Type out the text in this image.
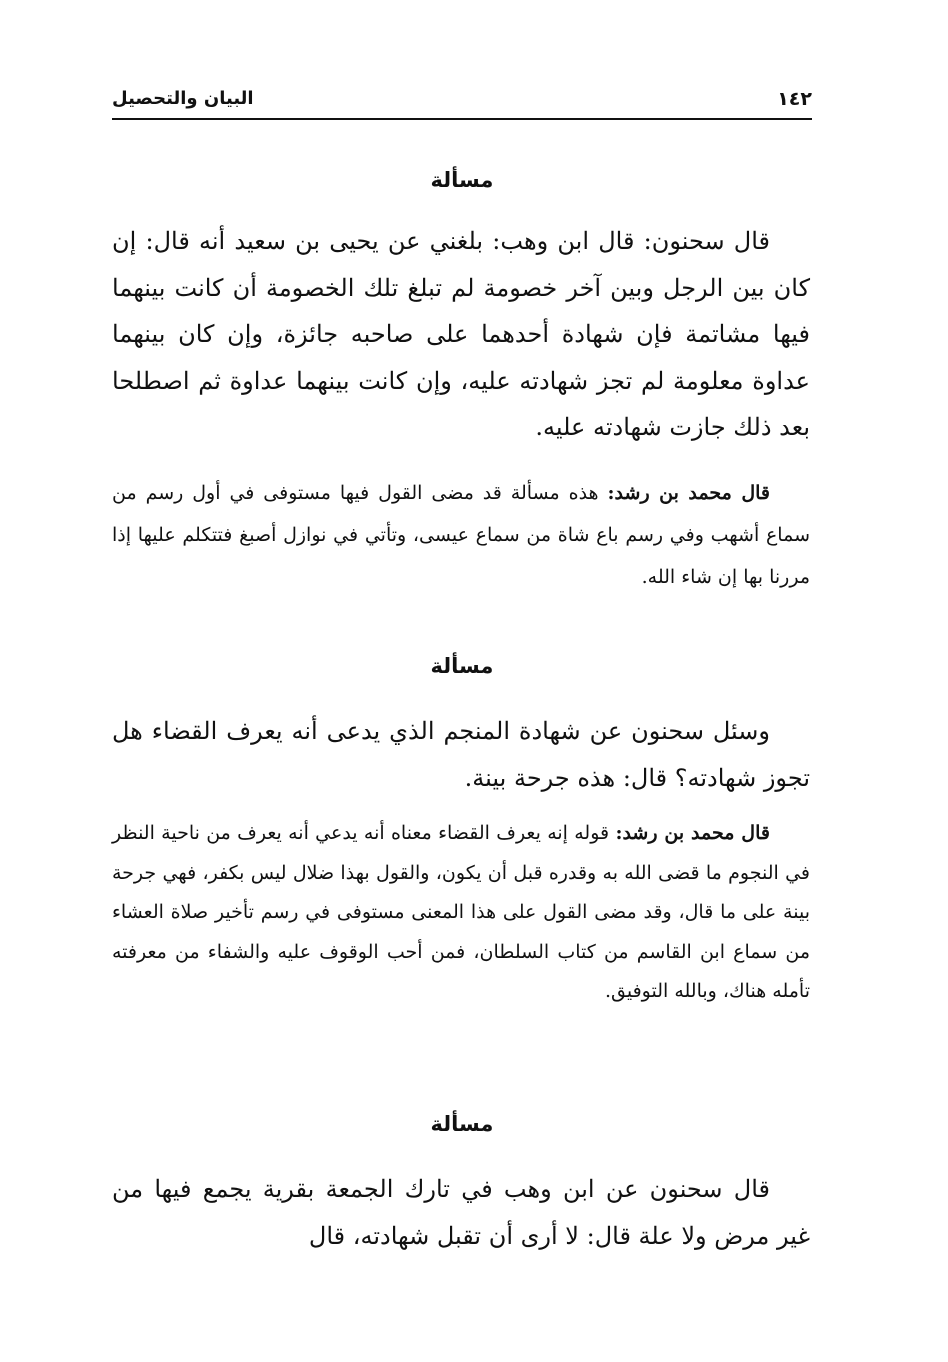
البيان والتحصيل	١٤٢
مسألة
قال سحنون: قال ابن وهب: بلغني عن يحيى بن سعيد أنه قال: إن كان بين الرجل وبين آخر خصومة لم تبلغ تلك الخصومة أن كانت بينهما فيها مشاتمة فإن شهادة أحدهما على صاحبه جائزة، وإن كان بينهما عداوة معلومة لم تجز شهادته عليه، وإن كانت بينهما عداوة ثم اصطلحا بعد ذلك جازت شهادته عليه.
قال محمد بن رشد: هذه مسألة قد مضى القول فيها مستوفى في أول رسم من سماع أشهب وفي رسم باع شاة من سماع عيسى، وتأتي في نوازل أصبغ فتتكلم عليها إذا مررنا بها إن شاء الله.
مسألة
وسئل سحنون عن شهادة المنجم الذي يدعى أنه يعرف القضاء هل تجوز شهادته؟ قال: هذه جرحة بينة.
قال محمد بن رشد: قوله إنه يعرف القضاء معناه أنه يدعي أنه يعرف من ناحية النظر في النجوم ما قضى الله به وقدره قبل أن يكون، والقول بهذا ضلال ليس بكفر، فهي جرحة بينة على ما قال، وقد مضى القول على هذا المعنى مستوفى في رسم تأخير صلاة العشاء من سماع ابن القاسم من كتاب السلطان، فمن أحب الوقوف عليه والشفاء من معرفته تأمله هناك، وبالله التوفيق.
مسألة
قال سحنون عن ابن وهب في تارك الجمعة بقرية يجمع فيها من غير مرض ولا علة قال: لا أرى أن تقبل شهادته، قال
